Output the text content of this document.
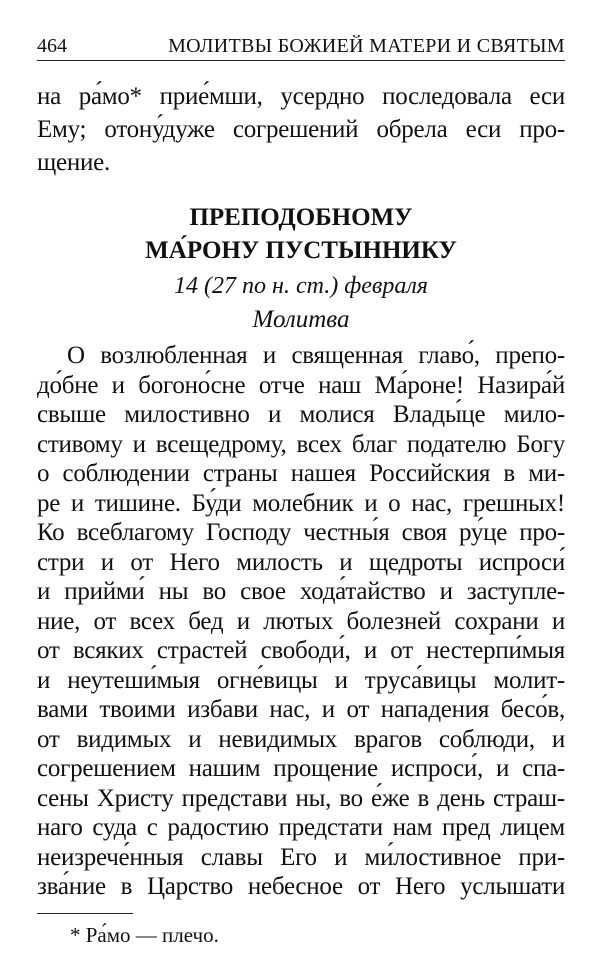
464	МОЛИТВЫ БОЖИЕЙ МАТЕРИ И СВЯТЫМ
на ра́мо* прие́мши, усердно последовала еси
Ему; отону́дуже согрешений обрела еси про-
щение.
ПРЕПОДОБНОМУ
МА́РОНУ ПУСТЫННИКУ
14 (27 по н. ст.) февраля
Молитва
О возлюбленная и священная главо́, препо-
до́бне и богоно́сне отче наш Ма́роне! Назира́й
свыше милостивно и молися Влады́це мило-
стивому и всещедрому, всех благ подателю Богу
о соблюдении страны нашея Российския в ми-
ре и тишине. Бу́ди молебник и о нас, грешных!
Ко всеблагому Господу честны́я своя ру́це про-
стри и от Него милость и щедроты испроси́
и прийми́ ны во свое хода́тайство и заступле-
ние, от всех бед и лютых болезней сохрани и
от всяких страстей свободи́, и от нестерпи́мыя
и неутеши́мыя огне́вицы и труса́вицы молит-
вами твоими избави нас, и от нападения бесо́в,
от видимых и невидимых врагов соблюди, и
согрешением нашим прощение испроси́, и спа-
сены Христу представи ны, во е́же в день страш-
наго суда с радостию предстати нам пред лицем
неизрече́нныя славы Его и ми́лостивное при-
зва́ние в Царство небесное от Него услышати
* Ра́мо — плечо.
